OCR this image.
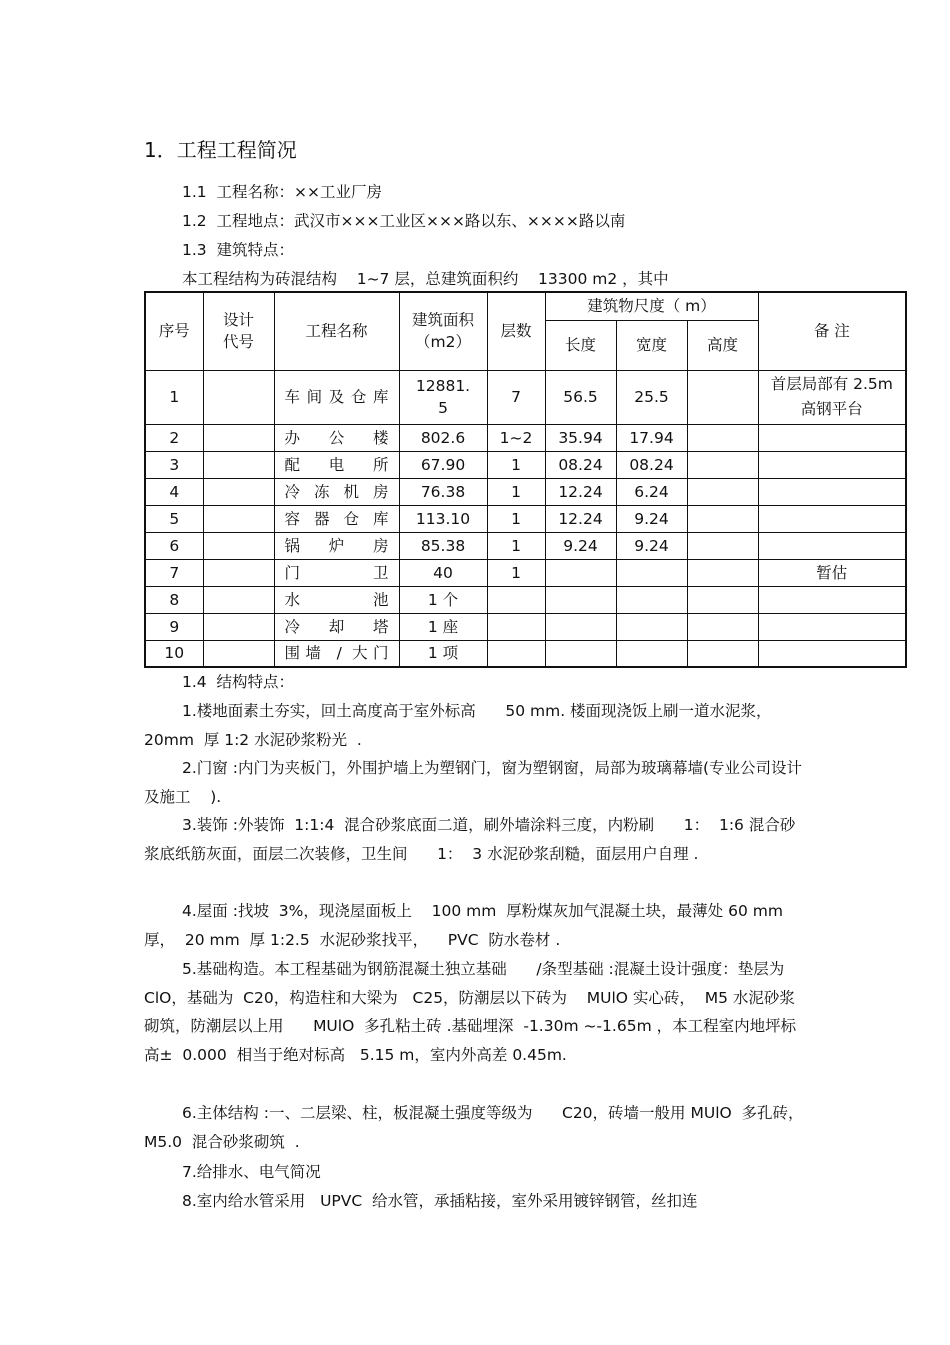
1．工程工程简况
1.1  工程名称：××工业厂房
1.2  工程地点：武汉市×××工业区×××路以东、××××路以南
1.3  建筑特点：
本工程结构为砖混结构    1~7 层，总建筑面积约    13300 m2 ，其中
序号	设计代号	工程名称	建筑面积（m2）	层数	建筑物尺度（ m）			备 注
					长度	宽度	高度	
1		车间及仓库	12881.5	7	56.5	25.5		首层局部有 2.5m 高钢平台
2		办公楼	802.6	1~2	35.94	17.94		
3		配电所	67.90	1	08.24	08.24		
4		冷冻机房	76.38	1	12.24	6.24		
5		容器仓库	113.10	1	12.24	9.24		
6		锅炉房	85.38	1	9.24	9.24		
7		门卫	40	1				暂估
8		水池	1 个					
9		冷却塔	1 座					
10		围墙 / 大门	1 项					
1.4  结构特点：
1.楼地面素土夯实，回土高度高于室外标高      50 mm. 楼面现浇饭上刷一道水泥浆，  20mm  厚 1:2 水泥砂浆粉光  .
2.门窗 :内门为夹板门，外围护墙上为塑钢门，窗为塑钢窗，局部为玻璃幕墙(专业公司设计及施工    ).
3.装饰 :外装饰  1:1:4  混合砂浆底面二道，刷外墙涂料三度，内粉刷      1：  1:6 混合砂浆底纸筋灰面，面层二次装修，卫生间      1：  3 水泥砂浆刮糙，面层用户自理 .
4.屋面 :找坡  3%，现浇屋面板上    100 mm  厚粉煤灰加气混凝土块，最薄处 60 mm  厚，  20 mm  厚 1:2.5  水泥砂浆找平，    PVC  防水卷材 .
5.基础构造。本工程基础为钢筋混凝土独立基础      /条型基础 :混凝土设计强度：垫层为  ClO，基础为  C20，构造柱和大梁为   C25，防潮层以下砖为    MUlO 实心砖，  M5 水泥砂浆砌筑，防潮层以上用      MUlO  多孔粘土砖 .基础埋深  -1.30m ~-1.65m ，本工程室内地坪标高±  0.000  相当于绝对标高   5.15 m，室内外高差 0.45m.
6.主体结构 :一、二层梁、柱，板混凝土强度等级为      C20，砖墙一般用 MUlO  多孔砖，  M5.0  混合砂浆砌筑  .
7.给排水、电气简况
8.室内给水管采用   UPVC  给水管，承插粘接，室外采用镀锌钢管，丝扣连
